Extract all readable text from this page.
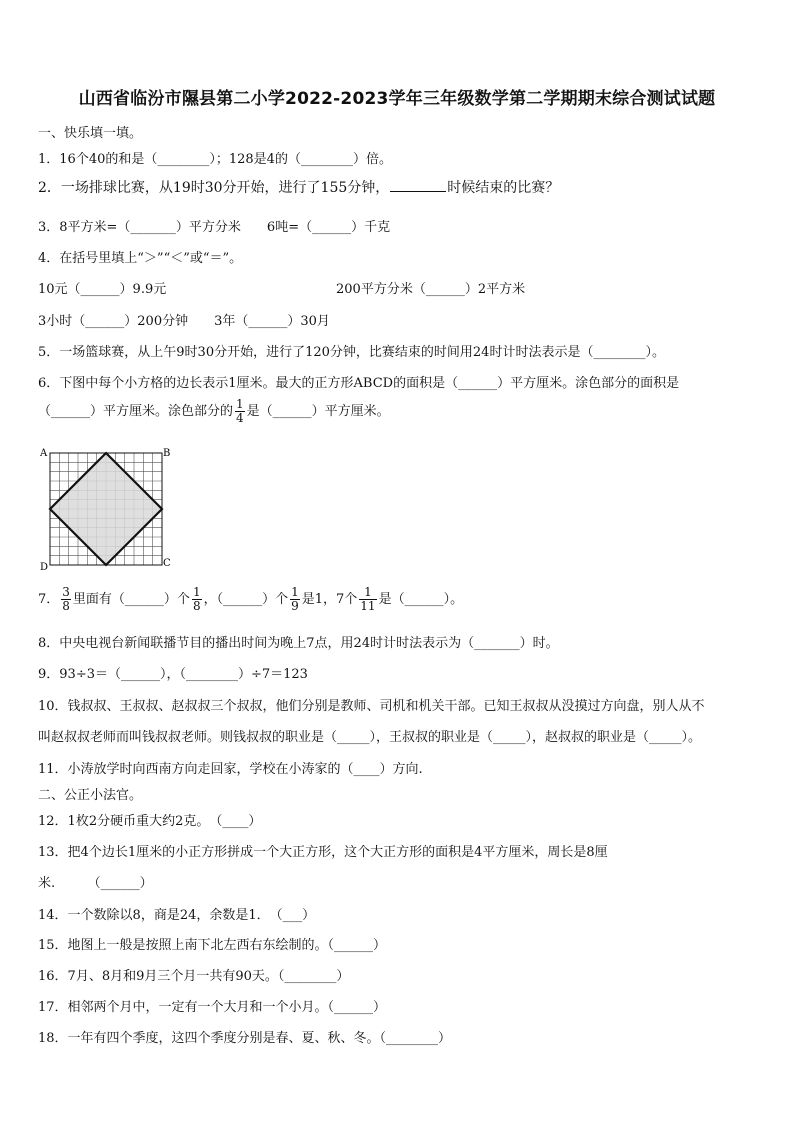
山西省临汾市隰县第二小学2022-2023学年三年级数学第二学期期末综合测试试题
一、快乐填一填。
1．16个40的和是（________）；128是4的（________）倍。
2．一场排球比赛，从19时30分开始，进行了155分钟，	时候结束的比赛？
3．8平方米=（_______）平方分米　　6吨=（______）千克
4．在括号里填上“＞”“＜”或“＝”。
10元（______）9.9元	200平方分米（______）2平方米
3小时（______）200分钟　　3年（______）30月
5．一场篮球赛，从上午9时30分开始，进行了120分钟，比赛结束的时间用24时计时法表示是（________）。
6．下图中每个小方格的边长表示1厘米。最大的正方形ABCD的面积是（______）平方厘米。涂色部分的面积是
（______）平方厘米。涂色部分的 $\frac{1}{4}$ 是（______）平方厘米。
A	B
C
D
7． $\frac{3}{8}$ 里面有（______）个 $\frac{1}{8}$ ，（______）个 $\frac{1}{9}$ 是1，7个 $\frac{1}{11}$ 是（______）。
8．中央电视台新闻联播节目的播出时间为晚上7点，用24时计时法表示为（_______）时。
9．93÷3＝（______），（________）÷7＝123
10．钱叔叔、王叔叔、赵叔叔三个叔叔，他们分别是教师、司机和机关干部。已知王叔叔从没摸过方向盘，别人从不
叫赵叔叔老师而叫钱叔叔老师。则钱叔叔的职业是（_____），王叔叔的职业是（_____），赵叔叔的职业是（_____）。
11．小涛放学时向西南方向走回家，学校在小涛家的（____）方向.
二、公正小法官。
12．1枚2分硬币重大约2克。　（____）
13．把4个边长1厘米的小正方形拼成一个大正方形，这个大正方形的面积是4平方厘米，周长是8厘
米.　　　（______）
14．一个数除以8，商是24，余数是1．　（___）
15．地图上一般是按照上南下北左西右东绘制的。（______）
16．7月、8月和9月三个月一共有90天。（________）
17．相邻两个月中，一定有一个大月和一个小月。（______）
18．一年有四个季度，这四个季度分别是春、夏、秋、冬。（________）
